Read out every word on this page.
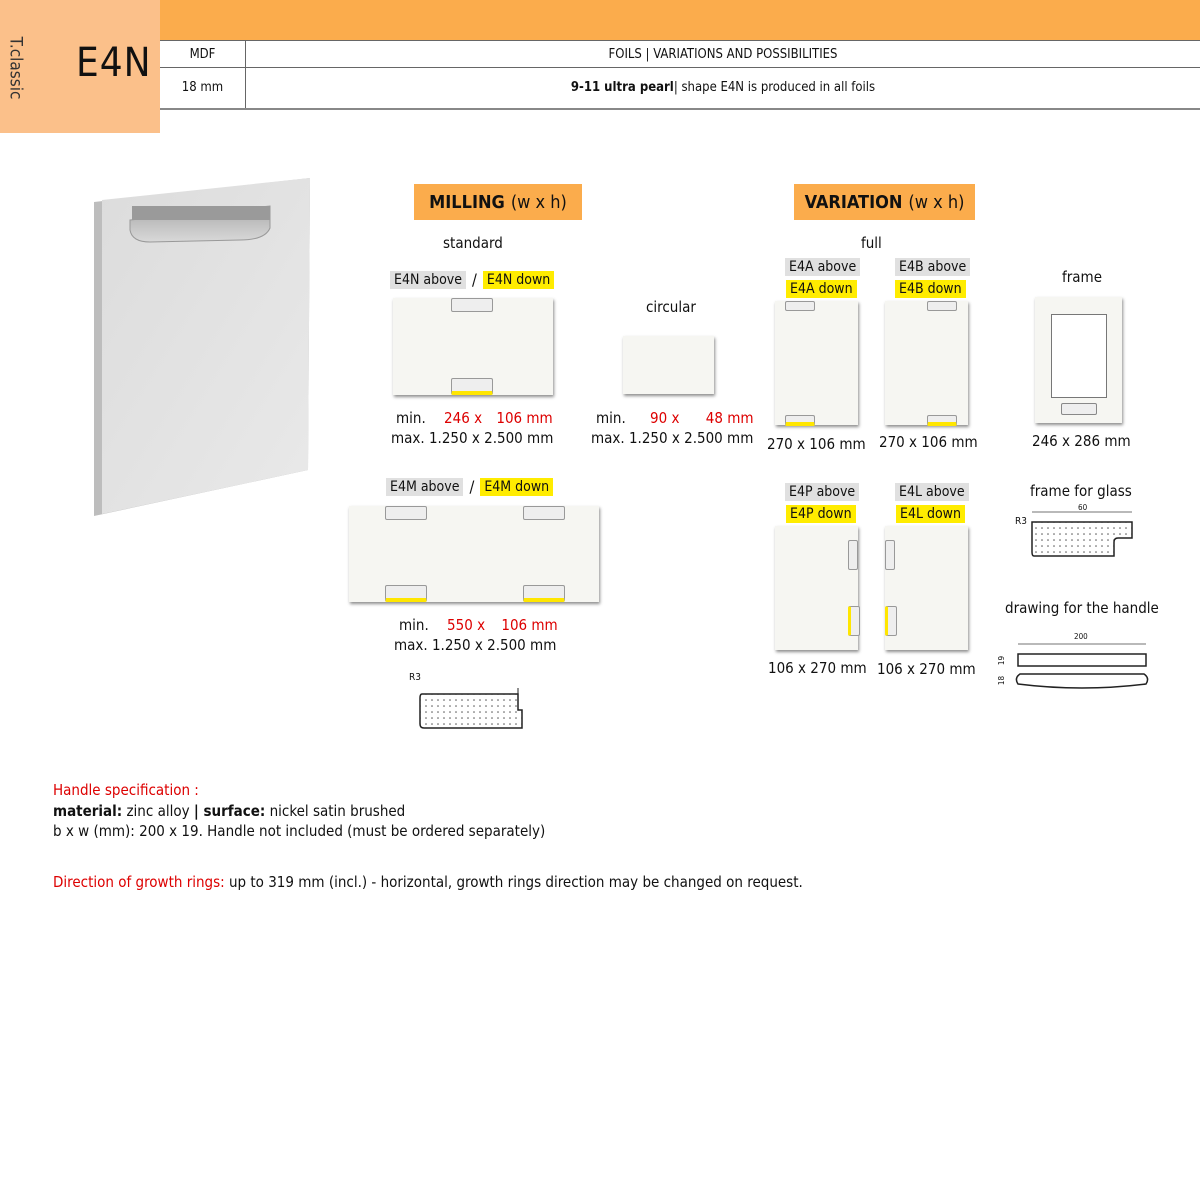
T.classic E4N	MDF	FOILS | VARIATIONS AND POSSIBILITIES
18 mm	9-11 ultra pearl | shape E4N is produced in all foils
MILLING (w x h)
standard
E4N above / E4N down
min. 246 x 106 mm
max. 1.250 x 2.500 mm
circular
min. 90 x 48 mm
max. 1.250 x 2.500 mm
E4M above / E4M down
min. 550 x 106 mm
max. 1.250 x 2.500 mm
R3
VARIATION (w x h)
full
E4A above
E4A down
E4B above
E4B down
270 x 106 mm 270 x 106 mm
frame
246 x 286 mm
E4P above
E4P down
E4L above
E4L down
106 x 270 mm 106 x 270 mm
frame for glass
R3
60
drawing for the handle
200
19
18
Handle specification :
material: zinc alloy | surface: nickel satin brushed
b x w (mm): 200 x 19. Handle not included (must be ordered separately)
Direction of growth rings: up to 319 mm (incl.) - horizontal, growth rings direction may be changed on request.
